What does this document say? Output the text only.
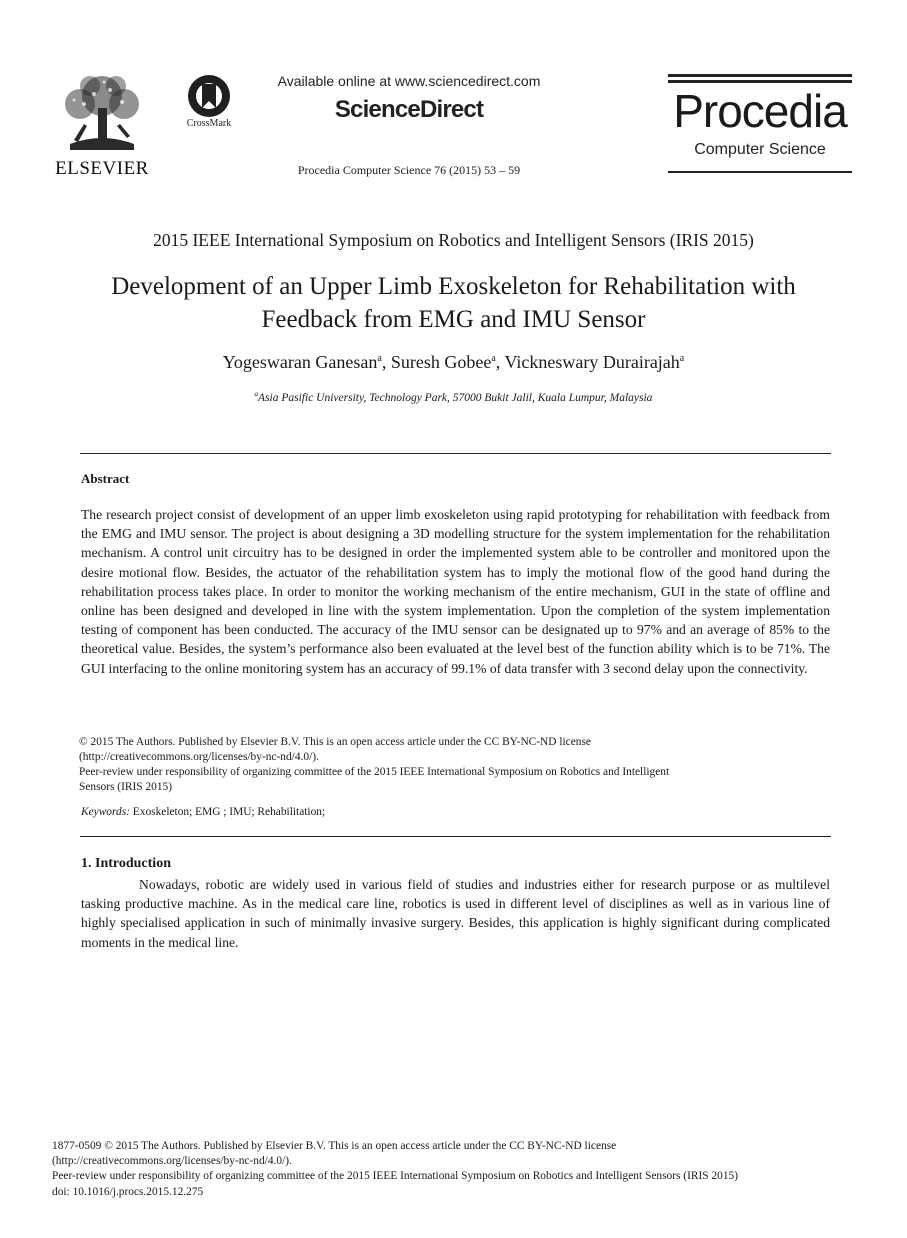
ELSEVIER
CrossMark
Available online at www.sciencedirect.com
ScienceDirect
Procedia Computer Science 76 (2015) 53 – 59
Procedia
Computer Science
2015 IEEE International Symposium on Robotics and Intelligent Sensors (IRIS 2015)
Development of an Upper Limb Exoskeleton for Rehabilitation with
Feedback from EMG and IMU Sensor
Yogeswaran Ganesan$^a$, Suresh Gobee$^a$, Vickneswary Durairajah$^a$
$^a$Asia Pasific University, Technology Park, 57000 Bukit Jalil, Kuala Lumpur, Malaysia
Abstract

The research project consist of development of an upper limb exoskeleton using rapid prototyping for rehabilitation with feedback from the EMG and IMU sensor. The project is about designing a 3D modelling structure for the system implementation for the rehabilitation mechanism. A control unit circuitry has to be designed in order the implemented system able to be controller and monitored upon the desire motional flow. Besides, the actuator of the rehabilitation system has to imply the motional flow of the good hand during the rehabilitation process takes place. In order to monitor the working mechanism of the entire mechanism, GUI in the state of offline and online has been designed and developed in line with the system implementation. Upon the completion of the system implementation testing of component has been conducted. The accuracy of the IMU sensor can be designated up to 97% and an average of 85% to the theoretical value. Besides, the system’s performance also been evaluated at the level best of the function ability which is to be 71%. The GUI interfacing to the online monitoring system has an accuracy of 99.1% of data transfer with 3 second delay upon the connectivity.

© 2015 The Authors. Published by Elsevier B.V. This is an open access article under the CC BY-NC-ND license
(http://creativecommons.org/licenses/by-nc-nd/4.0/).
Peer-review under responsibility of organizing committee of the 2015 IEEE International Symposium on Robotics and Intelligent
Sensors (IRIS 2015)
Keywords: Exoskeleton; EMG ; IMU; Rehabilitation;
1. Introduction

Nowadays, robotic are widely used in various field of studies and industries either for research purpose or as multilevel tasking productive machine. As in the medical care line, robotics is used in different level of disciplines as well as in various line of highly specialised application in such of minimally invasive surgery. Besides, this application is highly significant during complicated moments in the medical line.

1877-0509 © 2015 The Authors. Published by Elsevier B.V. This is an open access article under the CC BY-NC-ND license
(http://creativecommons.org/licenses/by-nc-nd/4.0/).
Peer-review under responsibility of organizing committee of the 2015 IEEE International Symposium on Robotics and Intelligent Sensors (IRIS 2015)
doi: 10.1016/j.procs.2015.12.275
